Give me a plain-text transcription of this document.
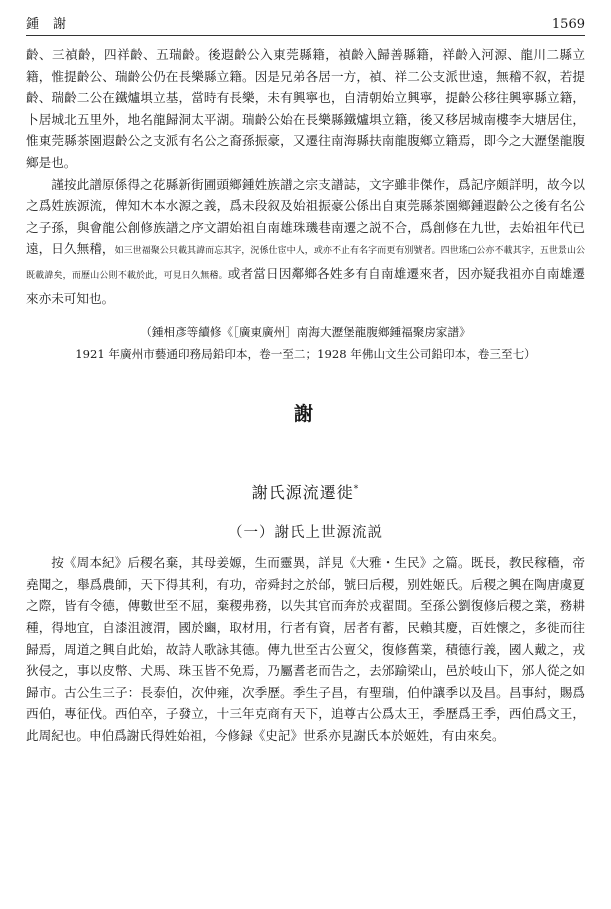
鍾謝	1569

齡、三禎齡，四祥齡、五瑞齡。後遐齡公入東莞縣籍，禎齡入歸善縣籍，祥齡入河源、龍川二縣立籍，惟提齡公、瑞齡公仍在長樂縣立籍。因是兄弟各居一方，禎、祥二公支派世遠，無稽不叙，若提齡、瑞齡二公在鐵爐埧立基，當時有長樂，未有興寧也，自清朝始立興寧，提齡公移往興寧縣立籍，卜居城北五里外，地名龍歸洞太平湖。瑞齡公始在長樂縣鐵爐埧立籍，後又移居城南樓李大塘居住，惟東莞縣茶園遐齡公之支派有名公之裔孫振豪，又遷往南海縣扶南龍腹鄉立籍焉，即今之大瀝堡龍腹鄉是也。

謹按此譜原係得之花縣新街圃頭鄉鍾姓族譜之宗支譜誌，文字雖非傑作，爲記序頗詳明，故今以之爲姓族源流，俾知木本水源之義，爲未段叙及始祖振豪公係出自東莞縣茶園鄉鍾遐齡公之後有名公之子孫，與會龍公創修族譜之序文謂始祖自南雄珠璣巷南遷之説不合，爲創修在九世，去始祖年代已遠，日久無稽，如三世福聚公只載其諱而忘其字，況係仕宦中人，或亦不止有名字而更有別號者。四世瑤□公亦不載其字，五世景山公既載諱矣，而歷山公則不載於此，可見日久無稽。或者當日因鄰鄉各姓多有自南雄遷來者，因亦疑我祖亦自南雄遷來亦未可知也。

（鍾相彥等續修《［廣東廣州］南海大瀝堡龍腹鄉鍾福聚房家譜》
1921 年廣州市藝通印務局鉛印本，卷一至二；1928 年佛山文生公司鉛印本，卷三至七）
謝
謝氏源流遷徙*
（一）謝氏上世源流説

按《周本紀》后稷名棄，其母姜嫄，生而靈異，詳見《大雅・生民》之篇。既長，教民稼穡，帝堯聞之，舉爲農師，天下得其利，有功，帝舜封之於邰，號曰后稷，别姓姬氏。后稷之興在陶唐虞夏之際，皆有令德，傳數世至不屈，棄稷弗務，以失其官而奔於戎翟間。至孫公劉復修后稷之業，務耕種，得地宜，自漆沮渡渭，國於豳，取材用，行者有資，居者有蓄，民賴其慶，百姓懷之，多徙而往歸焉，周道之興自此始，故詩人歌詠其德。傳九世至古公亶父，復修舊業，積德行義，國人戴之，戎狄侵之，事以皮幣、犬馬、珠玉皆不免焉，乃屬耆老而告之，去邠踰梁山，邑於岐山下，邠人從之如歸市。古公生三子：長泰伯，次仲雍，次季歷。季生子昌，有聖瑞，伯仲讓季以及昌。昌事紂，賜爲西伯，專征伐。西伯卒，子發立，十三年克商有天下，追尊古公爲太王，季歷爲王季，西伯爲文王，此周紀也。申伯爲謝氏得姓始祖，今修録《史記》世系亦見謝氏本於姬姓，有由來矣。
